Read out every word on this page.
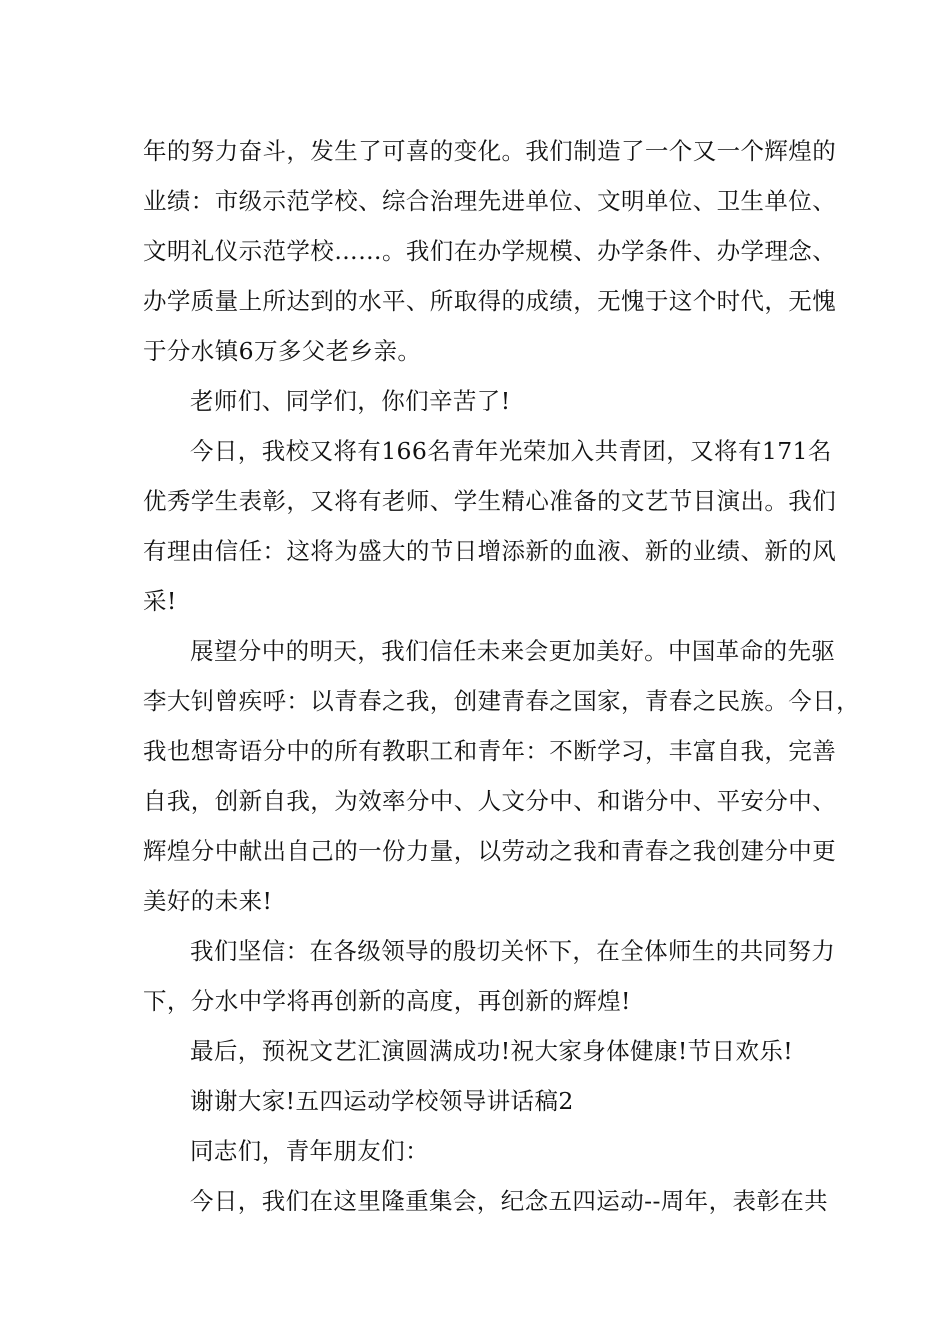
年的努力奋斗，发生了可喜的变化。我们制造了一个又一个辉煌的
业绩：市级示范学校、综合治理先进单位、文明单位、卫生单位、
文明礼仪示范学校……。我们在办学规模、办学条件、办学理念、
办学质量上所达到的水平、所取得的成绩，无愧于这个时代，无愧
于分水镇6万多父老乡亲。
老师们、同学们，你们辛苦了!
今日，我校又将有166名青年光荣加入共青团，又将有171名
优秀学生表彰，又将有老师、学生精心准备的文艺节目演出。我们
有理由信任：这将为盛大的节日增添新的血液、新的业绩、新的风
采!
展望分中的明天，我们信任未来会更加美好。中国革命的先驱
李大钊曾疾呼：以青春之我，创建青春之国家，青春之民族。今日，
我也想寄语分中的所有教职工和青年：不断学习，丰富自我，完善
自我，创新自我，为效率分中、人文分中、和谐分中、平安分中、
辉煌分中献出自己的一份力量，以劳动之我和青春之我创建分中更
美好的未来!
我们坚信：在各级领导的殷切关怀下，在全体师生的共同努力
下，分水中学将再创新的高度，再创新的辉煌!
最后，预祝文艺汇演圆满成功!祝大家身体健康!节日欢乐!
谢谢大家!五四运动学校领导讲话稿2
同志们，青年朋友们：
今日，我们在这里隆重集会，纪念五四运动--周年，表彰在共
